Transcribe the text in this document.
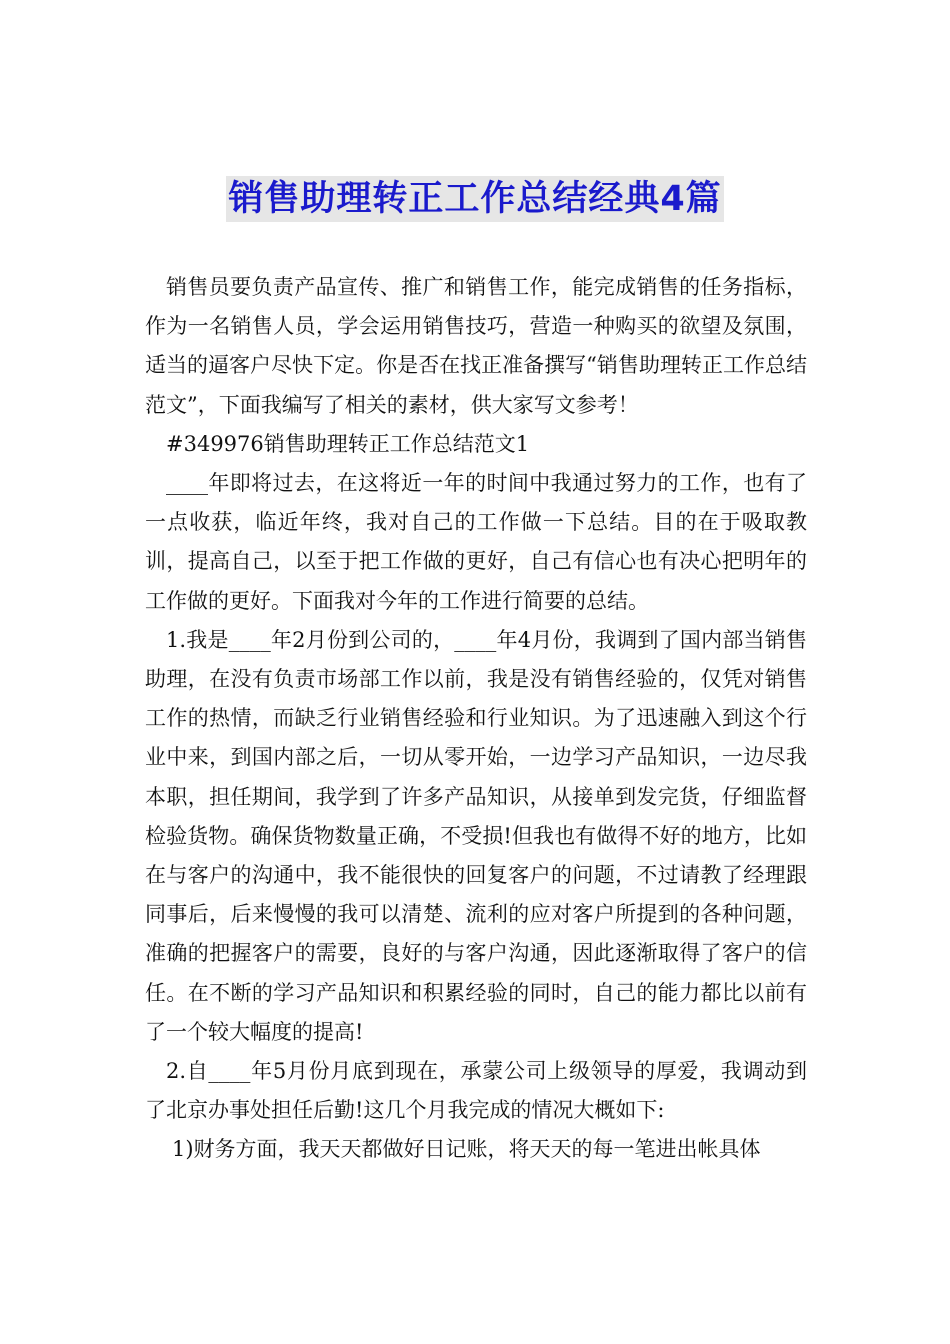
销售助理转正工作总结经典4篇

销售员要负责产品宣传、推广和销售工作，能完成销售的任务指标，作为一名销售人员，学会运用销售技巧，营造一种购买的欲望及氛围，适当的逼客户尽快下定。你是否在找正准备撰写“销售助理转正工作总结范文”，下面我编写了相关的素材，供大家写文参考！

#349976销售助理转正工作总结范文1

____年即将过去，在这将近一年的时间中我通过努力的工作，也有了一点收获，临近年终，我对自己的工作做一下总结。目的在于吸取教训，提高自己，以至于把工作做的更好，自己有信心也有决心把明年的工作做的更好。下面我对今年的工作进行简要的总结。

1.我是____年2月份到公司的，____年4月份，我调到了国内部当销售助理，在没有负责市场部工作以前，我是没有销售经验的，仅凭对销售工作的热情，而缺乏行业销售经验和行业知识。为了迅速融入到这个行业中来，到国内部之后，一切从零开始，一边学习产品知识，一边尽我本职，担任期间，我学到了许多产品知识，从接单到发完货，仔细监督检验货物。确保货物数量正确，不受损!但我也有做得不好的地方，比如在与客户的沟通中，我不能很快的回复客户的问题，不过请教了经理跟同事后，后来慢慢的我可以清楚、流利的应对客户所提到的各种问题，准确的把握客户的需要，良好的与客户沟通，因此逐渐取得了客户的信任。在不断的学习产品知识和积累经验的同时，自己的能力都比以前有了一个较大幅度的提高!

2.自____年5月份月底到现在，承蒙公司上级领导的厚爱，我调动到了北京办事处担任后勤!这几个月我完成的情况大概如下:

1)财务方面，我天天都做好日记账，将天天的每一笔进出帐具体
